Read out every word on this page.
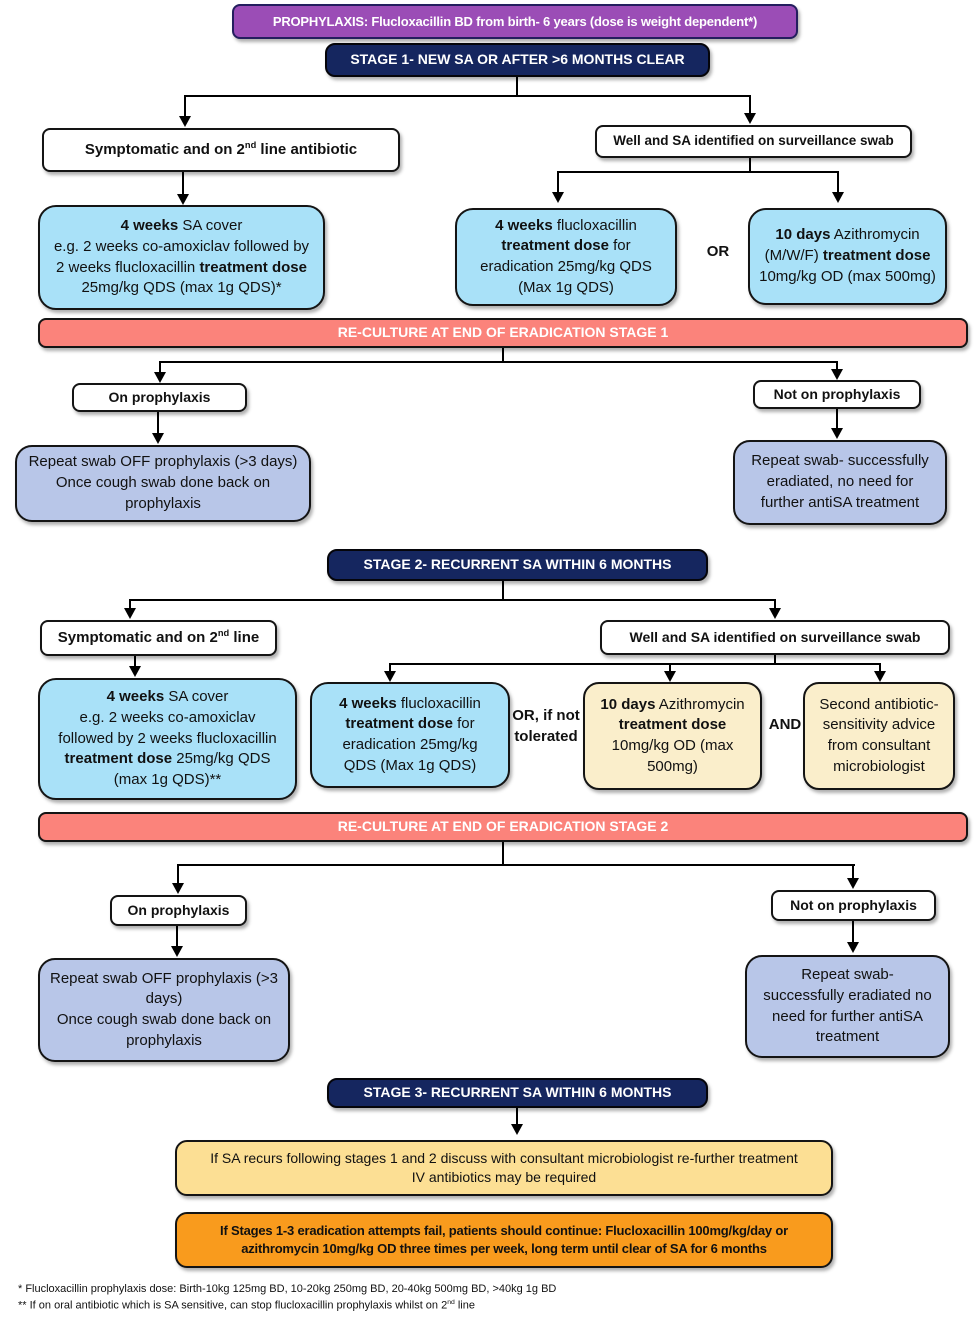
PROPHYLAXIS: Flucloxacillin BD from birth- 6 years (dose is weight dependent*)
STAGE 1- NEW SA OR AFTER >6 MONTHS CLEAR
Symptomatic and on 2nd line antibiotic
Well and SA identified on surveillance swab
4 weeks SA cover
e.g. 2 weeks co-amoxiclav followed by
2 weeks flucloxacillin treatment dose
25mg/kg QDS (max 1g QDS)*
4 weeks flucloxacillin
treatment dose for
eradication 25mg/kg QDS
(Max 1g QDS)
OR
10 days Azithromycin
(M/W/F) treatment dose
10mg/kg OD (max 500mg)
RE-CULTURE AT END OF ERADICATION STAGE 1
On prophylaxis	Not on prophylaxis
Repeat swab OFF prophylaxis (>3 days)
Once cough swab done back on
prophylaxis
Repeat swab- successfully
eradiated, no need for
further antiSA treatment
STAGE 2- RECURRENT SA WITHIN 6 MONTHS
Symptomatic and on 2nd line	Well and SA identified on surveillance swab
4 weeks SA cover
e.g. 2 weeks co-amoxiclav
followed by 2 weeks flucloxacillin
treatment dose 25mg/kg QDS
(max 1g QDS)**
4 weeks flucloxacillin
treatment dose for
eradication 25mg/kg
QDS (Max 1g QDS)
OR, if not
tolerated
10 days Azithromycin
treatment dose
10mg/kg OD (max
500mg)
AND
Second antibiotic-
sensitivity advice
from consultant
microbiologist
RE-CULTURE AT END OF ERADICATION STAGE 2
On prophylaxis	Not on prophylaxis
Repeat swab OFF prophylaxis (>3
days)
Once cough swab done back on
prophylaxis
Repeat swab-
successfully eradiated no
need for further antiSA
treatment
STAGE 3- RECURRENT SA WITHIN 6 MONTHS
If SA recurs following stages 1 and 2 discuss with consultant microbiologist re-further treatment
IV antibiotics may be required
If Stages 1-3 eradication attempts fail, patients should continue: Flucloxacillin 100mg/kg/day or
azithromycin 10mg/kg OD three times per week, long term until clear of SA for 6 months
* Flucloxacillin prophylaxis dose: Birth-10kg 125mg BD, 10-20kg 250mg BD, 20-40kg 500mg BD, >40kg 1g BD
** If on oral antibiotic which is SA sensitive, can stop flucloxacillin prophylaxis whilst on 2nd line
